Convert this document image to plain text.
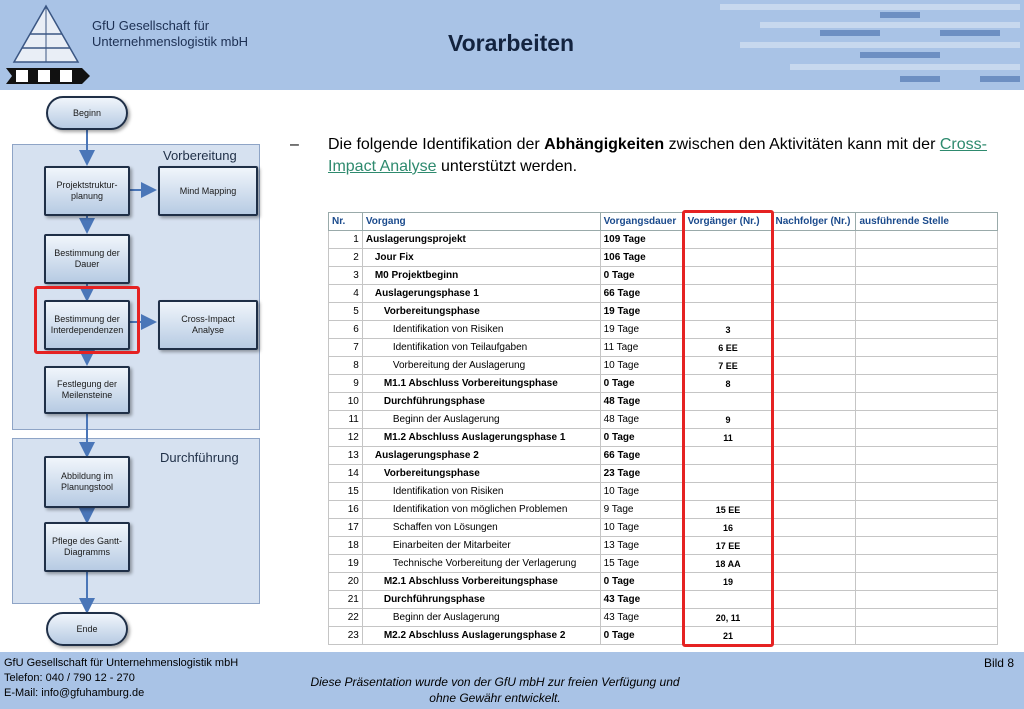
GfU Gesellschaft für
Unternehmenslogistik mbH	Vorarbeiten
Vorbereitung
Durchführung
Beginn
Projektstruktur-
planung
Mind Mapping
Bestimmung der
Dauer
Bestimmung der
Interdependenzen
Cross-Impact
Analyse
Festlegung der
Meilensteine
Abbildung im
Planungstool
Pflege des Gantt-
Diagramms
Ende
– Die folgende Identifikation der Abhängigkeiten zwischen den Aktivitäten kann mit der Cross-Impact Analyse unterstützt werden.
Nr.	Vorgang	Vorgangsdauer	Vorgänger (Nr.)	Nachfolger (Nr.)	ausführende Stelle
1	Auslagerungsprojekt	109 Tage			
2	Jour Fix	106 Tage			
3	M0 Projektbeginn	0 Tage			
4	Auslagerungsphase 1	66 Tage			
5	Vorbereitungsphase	19 Tage			
6	Identifikation von Risiken	19 Tage	3		
7	Identifikation von Teilaufgaben	11 Tage	6 EE		
8	Vorbereitung der Auslagerung	10 Tage	7 EE		
9	M1.1 Abschluss Vorbereitungsphase	0 Tage	8		
10	Durchführungsphase	48 Tage			
11	Beginn der Auslagerung	48 Tage	9		
12	M1.2 Abschluss Auslagerungsphase 1	0 Tage	11		
13	Auslagerungsphase 2	66 Tage			
14	Vorbereitungsphase	23 Tage			
15	Identifikation von Risiken	10 Tage			
16	Identifikation von möglichen Problemen	9 Tage	15 EE		
17	Schaffen von Lösungen	10 Tage	16		
18	Einarbeiten der Mitarbeiter	13 Tage	17 EE		
19	Technische Vorbereitung der Verlagerung	15 Tage	18 AA		
20	M2.1 Abschluss Vorbereitungsphase	0 Tage	19		
21	Durchführungsphase	43 Tage			
22	Beginn der Auslagerung	43 Tage	20, 11		
23	M2.2 Abschluss Auslagerungsphase 2	0 Tage	21		
GfU Gesellschaft für Unternehmenslogistik mbH
Telefon: 040 / 790 12 - 270
E-Mail: info@gfuhamburg.de
Diese Präsentation wurde von der GfU mbH zur freien Verfügung und
ohne Gewähr entwickelt.
Bild 8
